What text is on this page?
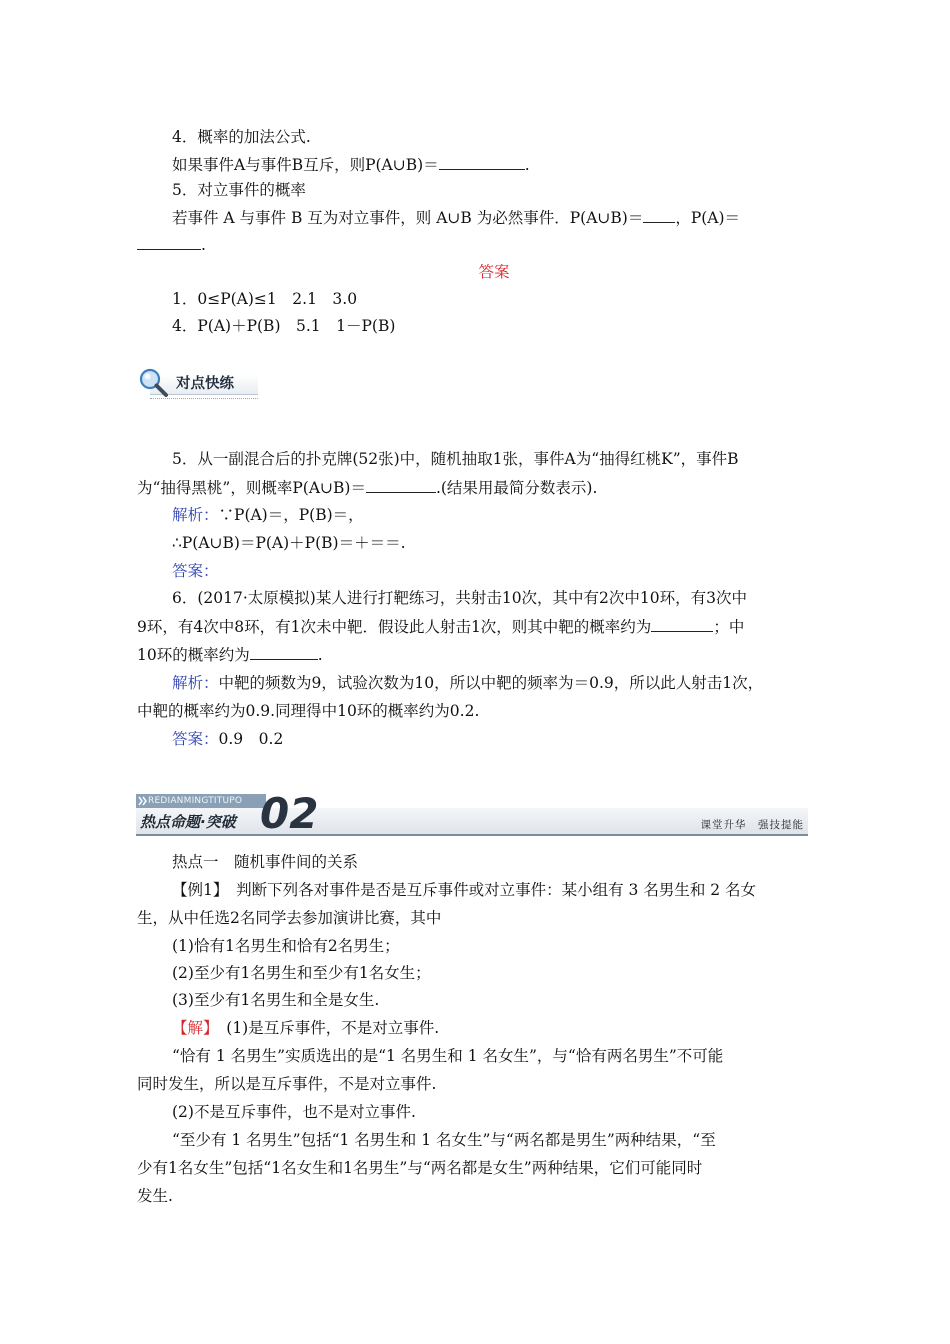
4．概率的加法公式.
如果事件A与事件B互斥，则P(A∪B)＝	.
5．对立事件的概率
若事件 A 与事件 B 互为对立事件，则 A∪B 为必然事件．P(A∪B)＝ ，P(A)＝
.
答案
1．0≤P(A)≤1　2.1　3.0
4．P(A)＋P(B)　5.1　1－P(B)
对点快练
5．从一副混合后的扑克牌(52张)中，随机抽取1张，事件A为“抽得红桃K”，事件B
为“抽得黑桃”，则概率P(A∪B)＝	.(结果用最简分数表示).
解析：∵P(A)＝，P(B)＝，
∴P(A∪B)＝P(A)＋P(B)＝＋＝＝.
答案：
6．(2017·太原模拟)某人进行打靶练习，共射击10次，其中有2次中10环，有3次中
9环，有4次中8环，有1次未中靶．假设此人射击1次，则其中靶的概率约为	；中
10环的概率约为	.
解析：中靶的频数为9，试验次数为10，所以中靶的频率为＝0.9，所以此人射击1次，
中靶的概率约为0.9.同理得中10环的概率约为0.2.
答案：0.9　0.2
REDIANMINGTITUPO
热点命题·突破 02	课堂升华　强技提能
热点一　随机事件间的关系
【例1】　判断下列各对事件是否是互斥事件或对立事件：某小组有 3 名男生和 2 名女
生，从中任选2名同学去参加演讲比赛，其中
(1)恰有1名男生和恰有2名男生；
(2)至少有1名男生和至少有1名女生；
(3)至少有1名男生和全是女生.
【解】　(1)是互斥事件，不是对立事件.
“恰有 1 名男生”实质选出的是“1 名男生和 1 名女生”，与“恰有两名男生”不可能
同时发生，所以是互斥事件，不是对立事件.
(2)不是互斥事件，也不是对立事件.
“至少有 1 名男生”包括“1 名男生和 1 名女生”与“两名都是男生”两种结果，“至
少有1名女生”包括“1名女生和1名男生”与“两名都是女生”两种结果，它们可能同时
发生.
